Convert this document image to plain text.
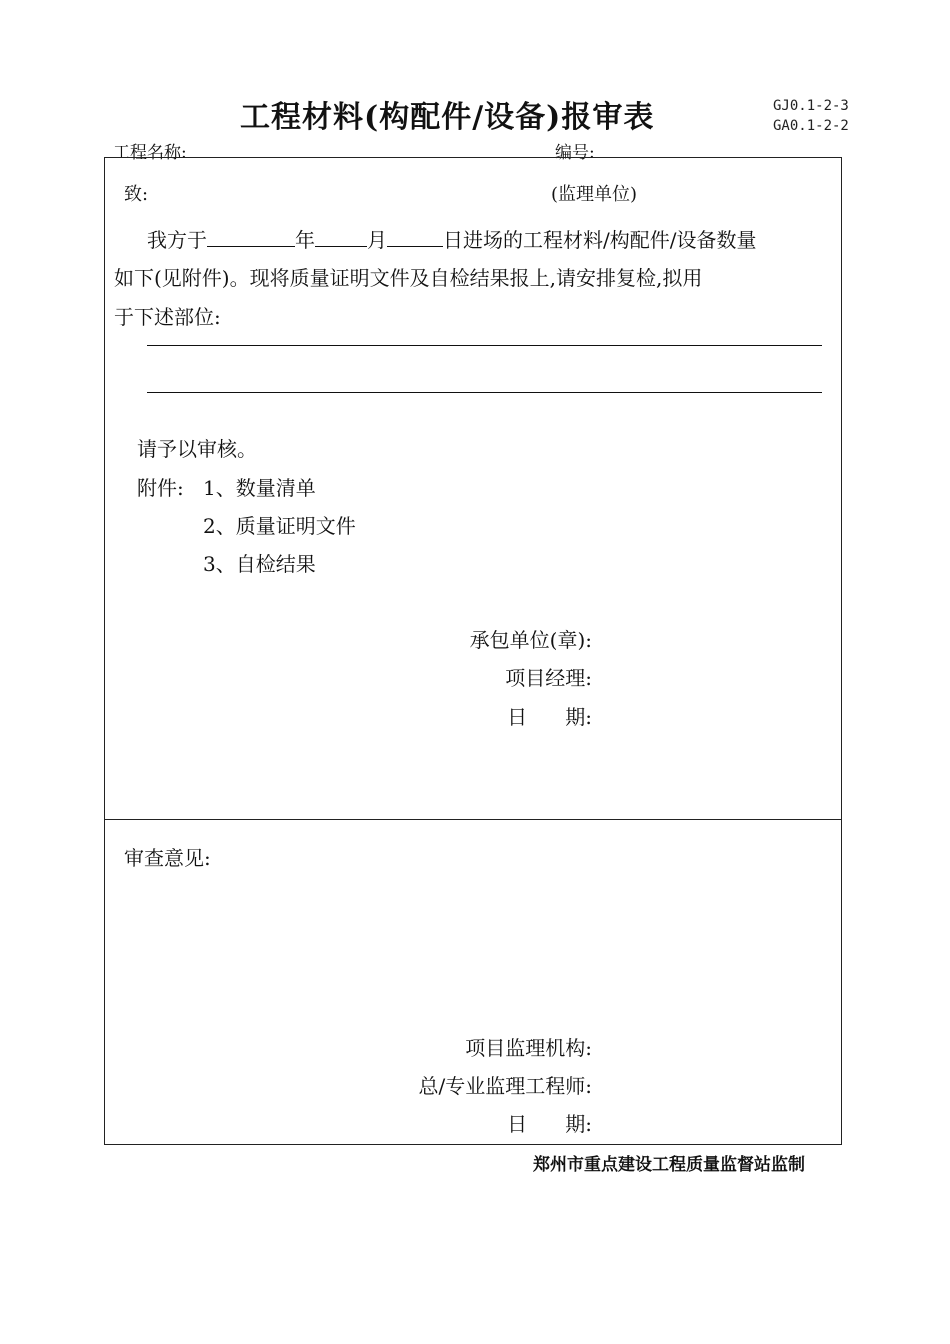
工程材料(构配件/设备)报审表	GJ0.1-2-3
GA0.1-2-2
工程名称:	编号:
致:	(监理单位)
我方于	年	月	日进场的工程材料/构配件/设备数量
如下(见附件)。现将质量证明文件及自检结果报上,请安排复检,拟用
于下述部位:
请予以审核。
附件: 1、数量清单
2、质量证明文件
3、自检结果
承包单位(章):
项目经理:
日      期:
审查意见:
项目监理机构:
总/专业监理工程师:
日      期:
郑州市重点建设工程质量监督站监制
